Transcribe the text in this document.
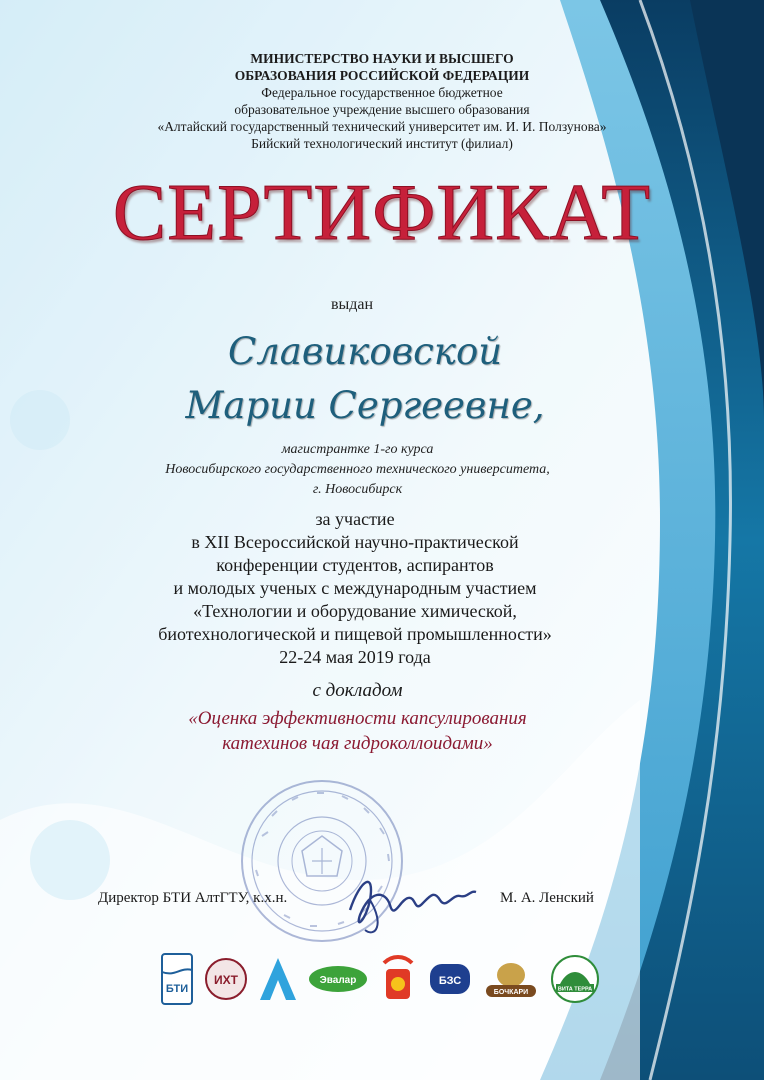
МИНИСТЕРСТВО НАУКИ И ВЫСШЕГО
ОБРАЗОВАНИЯ РОССИЙСКОЙ ФЕДЕРАЦИИ
Федеральное государственное бюджетное
образовательное учреждение высшего образования
«Алтайский государственный технический университет им. И. И. Ползунова»
Бийский технологический институт (филиал)
СЕРТИФИКАТ
выдан
Славиковской
Марии Сергеевне,
магистрантке 1-го курса
Новосибирского государственного технического университета,
г. Новосибирск
за участие
в XII Всероссийской научно-практической
конференции студентов, аспирантов
и молодых ученых с международным участием
«Технологии и оборудование химической,
биотехнологической и пищевой промышленности»
22-24 мая 2019 года
с докладом
«Оценка эффективности капсулирования
катехинов чая гидроколлоидами»
Директор БТИ АлтГТУ, к.х.н.	М. А. Ленский
БТИ
ИХТ	Эвалар	БЗС
БОЧКАРИ	ВИТА ТЕРРА
